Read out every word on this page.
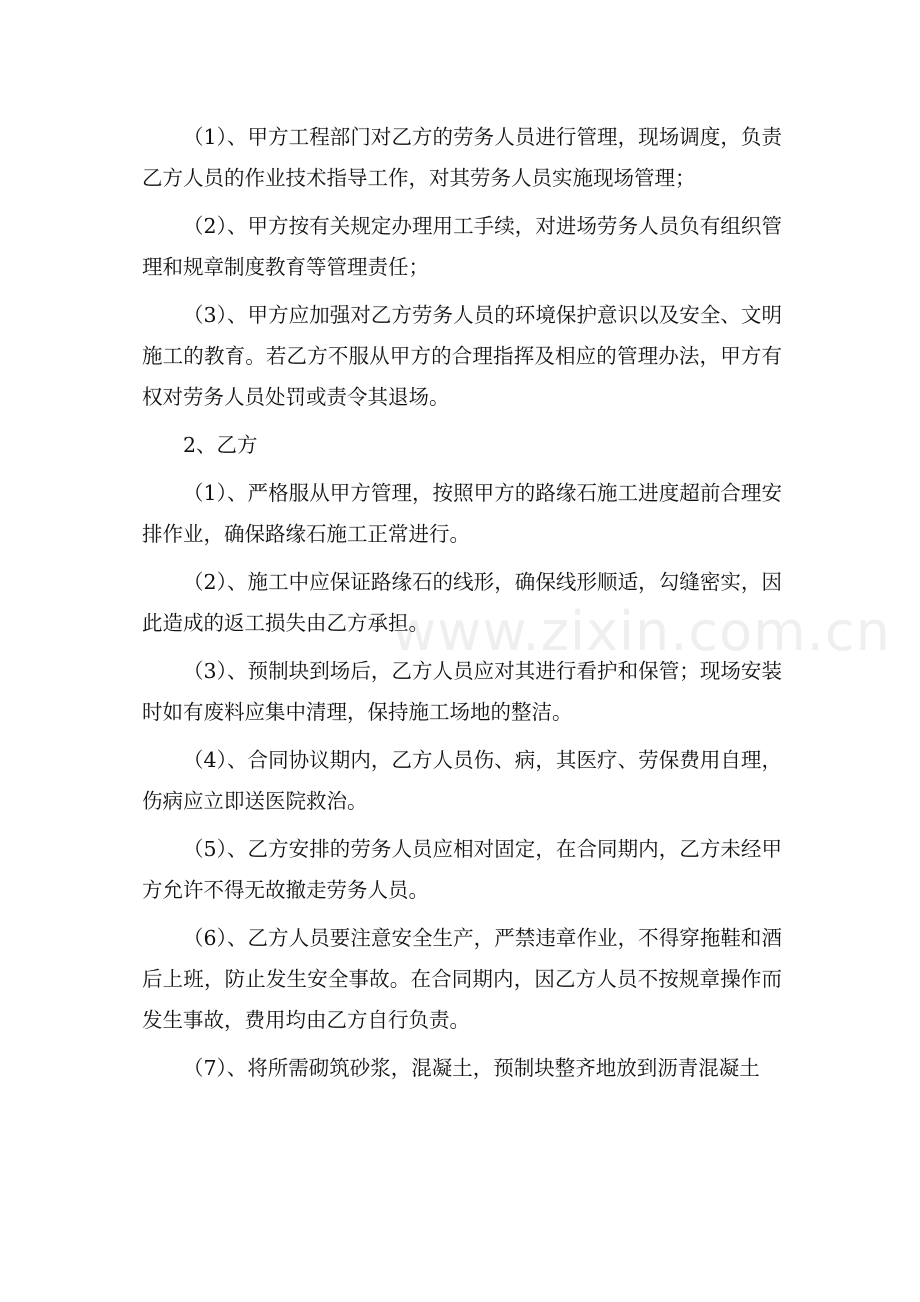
（1）、甲方工程部门对乙方的劳务人员进行管理，现场调度，负责乙方人员的作业技术指导工作，对其劳务人员实施现场管理；

（2）、甲方按有关规定办理用工手续，对进场劳务人员负有组织管理和规章制度教育等管理责任；

（3）、甲方应加强对乙方劳务人员的环境保护意识以及安全、文明施工的教育。若乙方不服从甲方的合理指挥及相应的管理办法，甲方有权对劳务人员处罚或责令其退场。

2、乙方

（1）、严格服从甲方管理，按照甲方的路缘石施工进度超前合理安排作业，确保路缘石施工正常进行。

（2）、施工中应保证路缘石的线形，确保线形顺适，勾缝密实，因此造成的返工损失由乙方承担。

（3）、预制块到场后，乙方人员应对其进行看护和保管；现场安装时如有废料应集中清理，保持施工场地的整洁。

（4）、合同协议期内，乙方人员伤、病，其医疗、劳保费用自理，伤病应立即送医院救治。

（5）、乙方安排的劳务人员应相对固定，在合同期内，乙方未经甲方允许不得无故撤走劳务人员。

（6）、乙方人员要注意安全生产，严禁违章作业，不得穿拖鞋和酒后上班，防止发生安全事故。在合同期内，因乙方人员不按规章操作而发生事故，费用均由乙方自行负责。

（7）、将所需砌筑砂浆，混凝土，预制块整齐地放到沥青混凝土

www.zixin.com.cn
